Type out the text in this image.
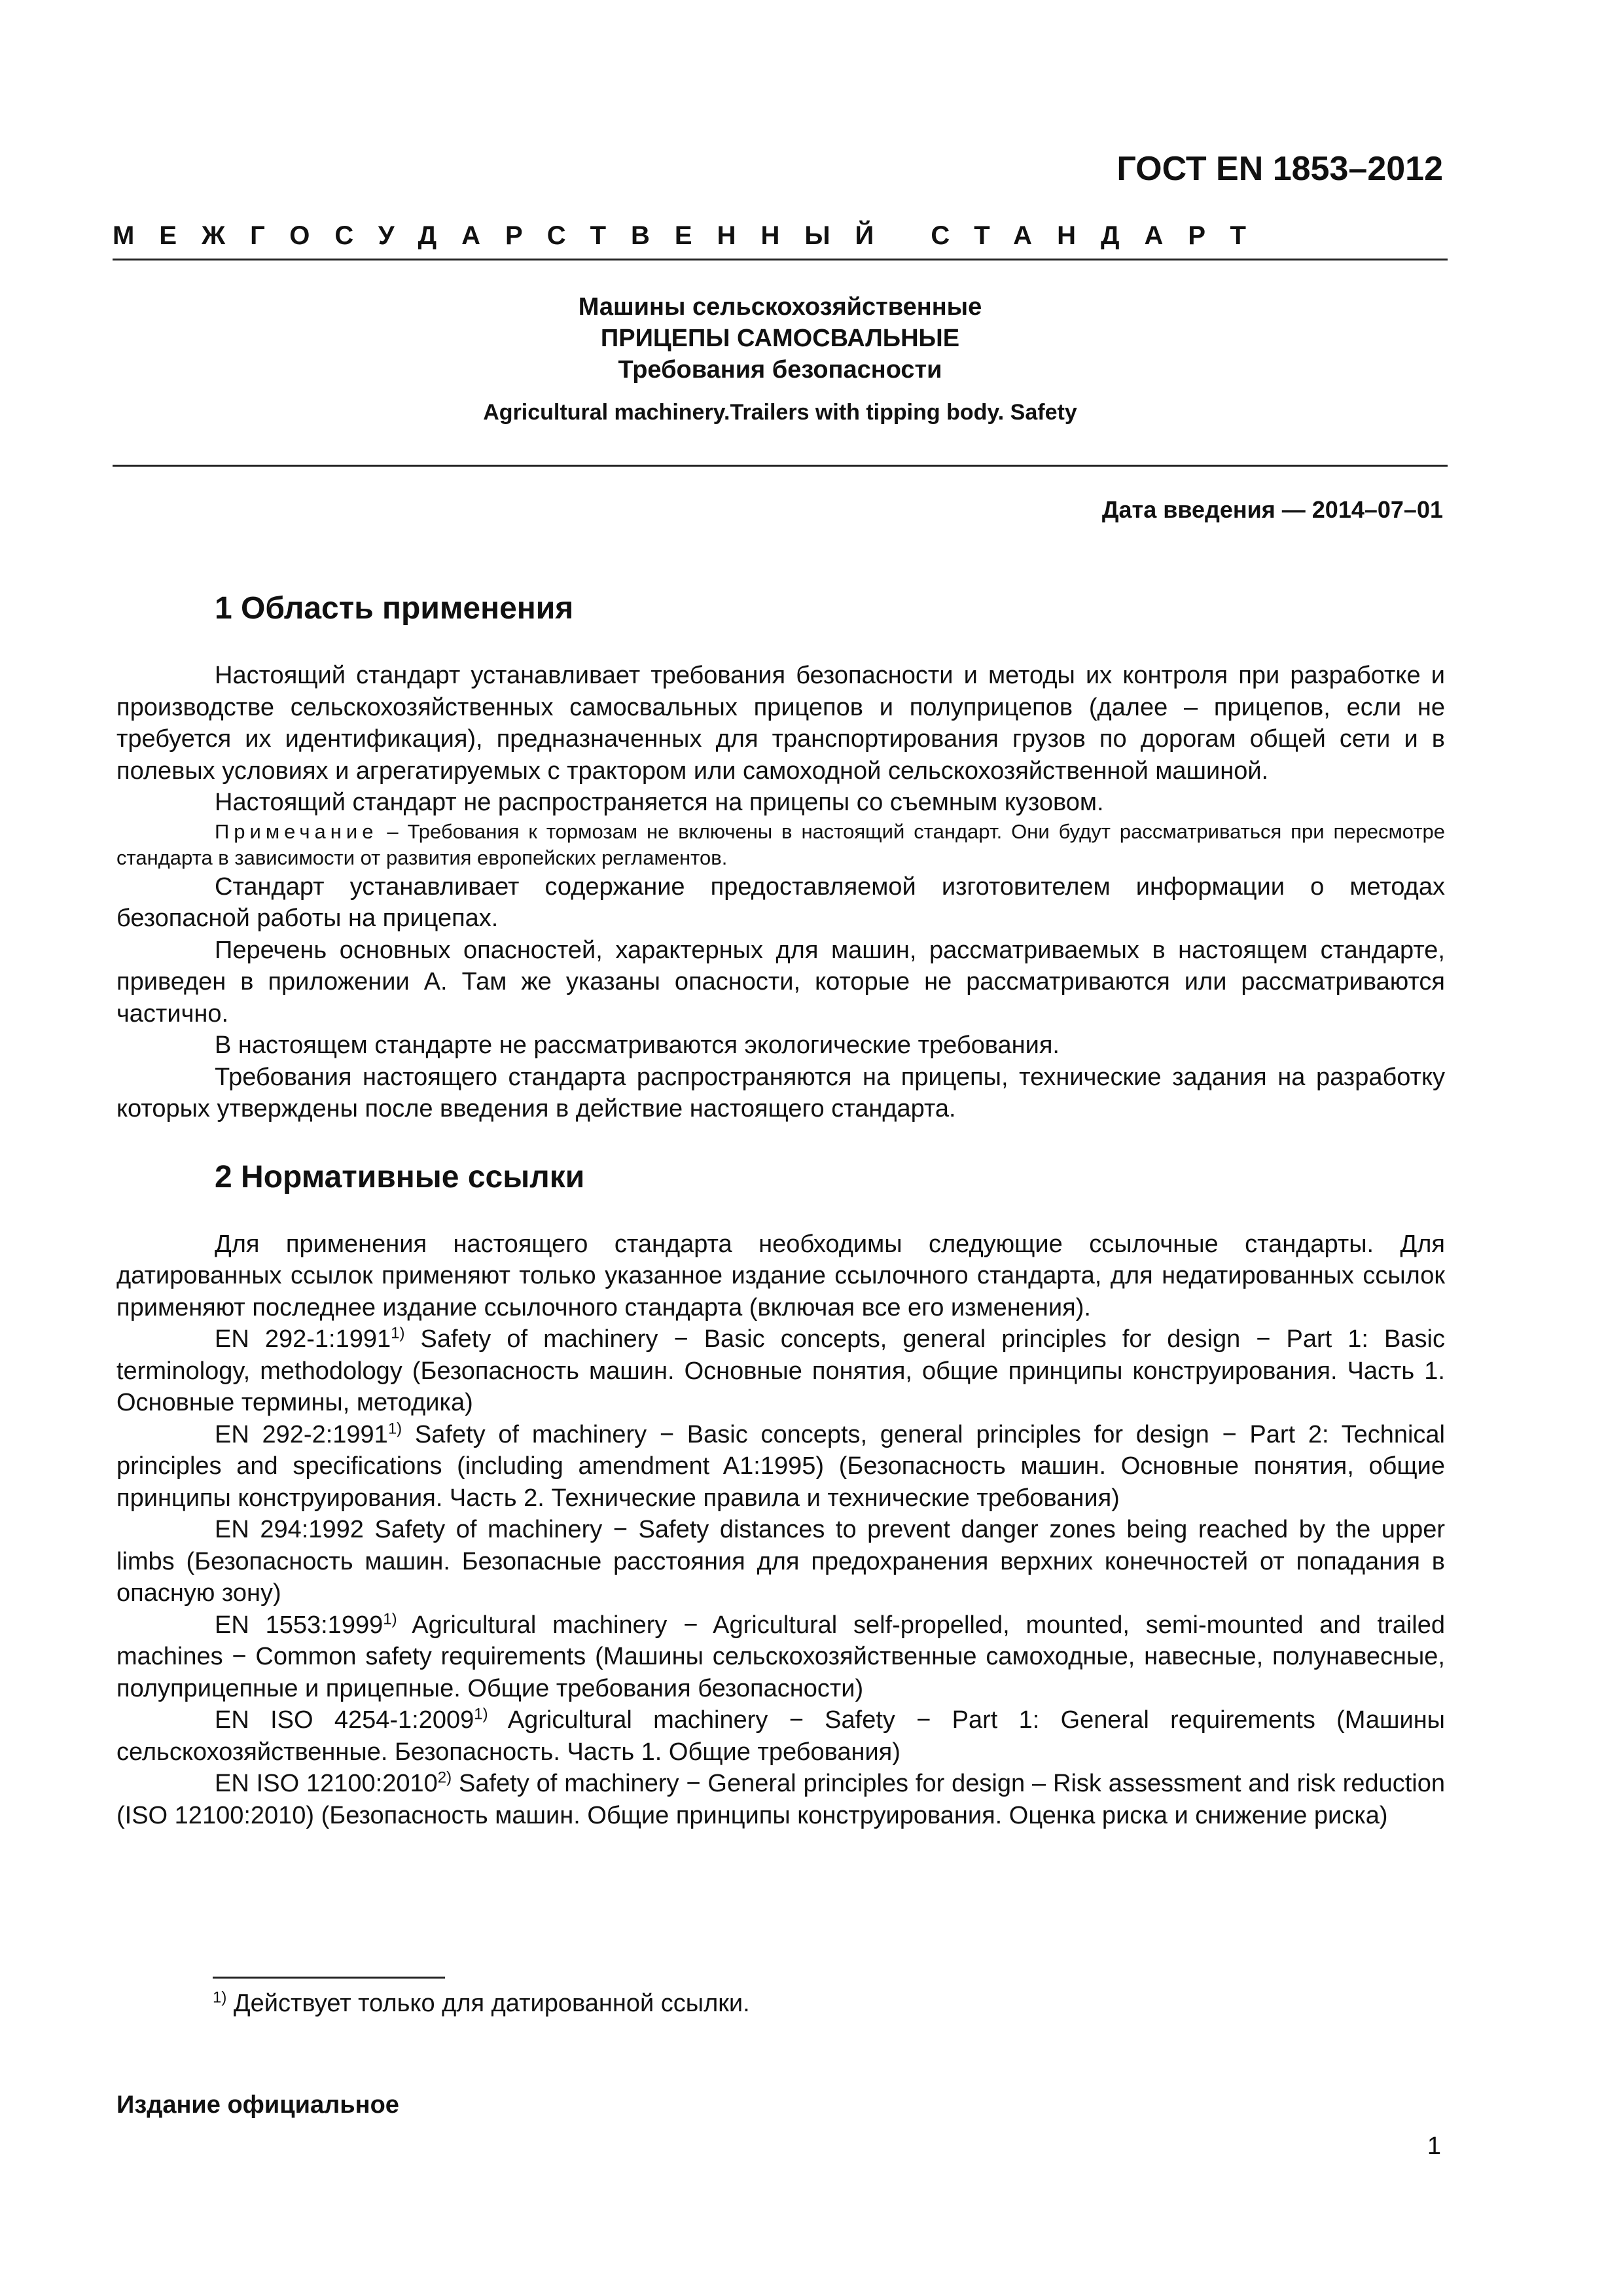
ГОСТ EN 1853–2012
МЕЖГОСУДАРСТВЕННЫЙ СТАНДАРТ
Машины сельскохозяйственные
ПРИЦЕПЫ САМОСВАЛЬНЫЕ
Требования безопасности
Agricultural machinery.Trailers with tipping body. Safety
Дата введения — 2014–07–01
1 Область применения

Настоящий стандарт устанавливает требования безопасности и методы их контроля при разработке и производстве сельскохозяйственных самосвальных прицепов и полуприцепов (далее – прицепов, если не требуется их идентификация), предназначенных для транспортирования грузов по дорогам общей сети и в полевых условиях и агрегатируемых с трактором или самоходной сельскохозяйственной машиной.

Настоящий стандарт не распространяется на прицепы со съемным кузовом.

Примечание – Требования к тормозам не включены в настоящий стандарт. Они будут рассматриваться при пересмотре стандарта в зависимости от развития европейских регламентов.

Стандарт устанавливает содержание предоставляемой изготовителем информации о методах безопасной работы на прицепах.

Перечень основных опасностей, характерных для машин, рассматриваемых в настоящем стандарте, приведен в приложении А. Там же указаны опасности, которые не рассматриваются или рассматриваются частично.

В настоящем стандарте не рассматриваются экологические требования.

Требования настоящего стандарта распространяются на прицепы, технические задания на разработку которых утверждены после введения в действие настоящего стандарта.

2 Нормативные ссылки

Для применения настоящего стандарта необходимы следующие ссылочные стандарты. Для датированных ссылок применяют только указанное издание ссылочного стандарта, для недатированных ссылок применяют последнее издание ссылочного стандарта (включая все его изменения).

EN 292-1:1991$^{1)}$ Safety of machinery − Basic concepts, general principles for design − Part 1: Basic terminology, methodology (Безопасность машин. Основные понятия, общие принципы конструирования. Часть 1. Основные термины, методика)

EN 292-2:1991$^{1)}$ Safety of machinery − Basic concepts, general principles for design − Part 2: Technical principles and specifications (including amendment A1:1995) (Безопасность машин. Основные понятия, общие принципы конструирования. Часть 2. Технические правила и технические требования)

EN 294:1992 Safety of machinery − Safety distances to prevent danger zones being reached by the upper limbs (Безопасность машин. Безопасные расстояния для предохранения верхних конечностей от попадания в опасную зону)

EN 1553:1999$^{1)}$ Agricultural machinery − Agricultural self-propelled, mounted, semi-mounted and trailed machines − Common safety requirements (Машины сельскохозяйственные самоходные, навесные, полунавесные, полуприцепные и прицепные. Общие требования безопасности)

EN ISO 4254-1:2009$^{1)}$ Agricultural machinery − Safety − Part 1: General requirements (Машины сельскохозяйственные. Безопасность. Часть 1. Общие требования)

EN ISO 12100:2010$^{2)}$ Safety of machinery − General principles for design – Risk assessment and risk reduction (ISO 12100:2010) (Безопасность машин. Общие принципы конструирования. Оценка риска и снижение риска)

$^{1)}$ Действует только для датированной ссылки.
Издание официальное
1
